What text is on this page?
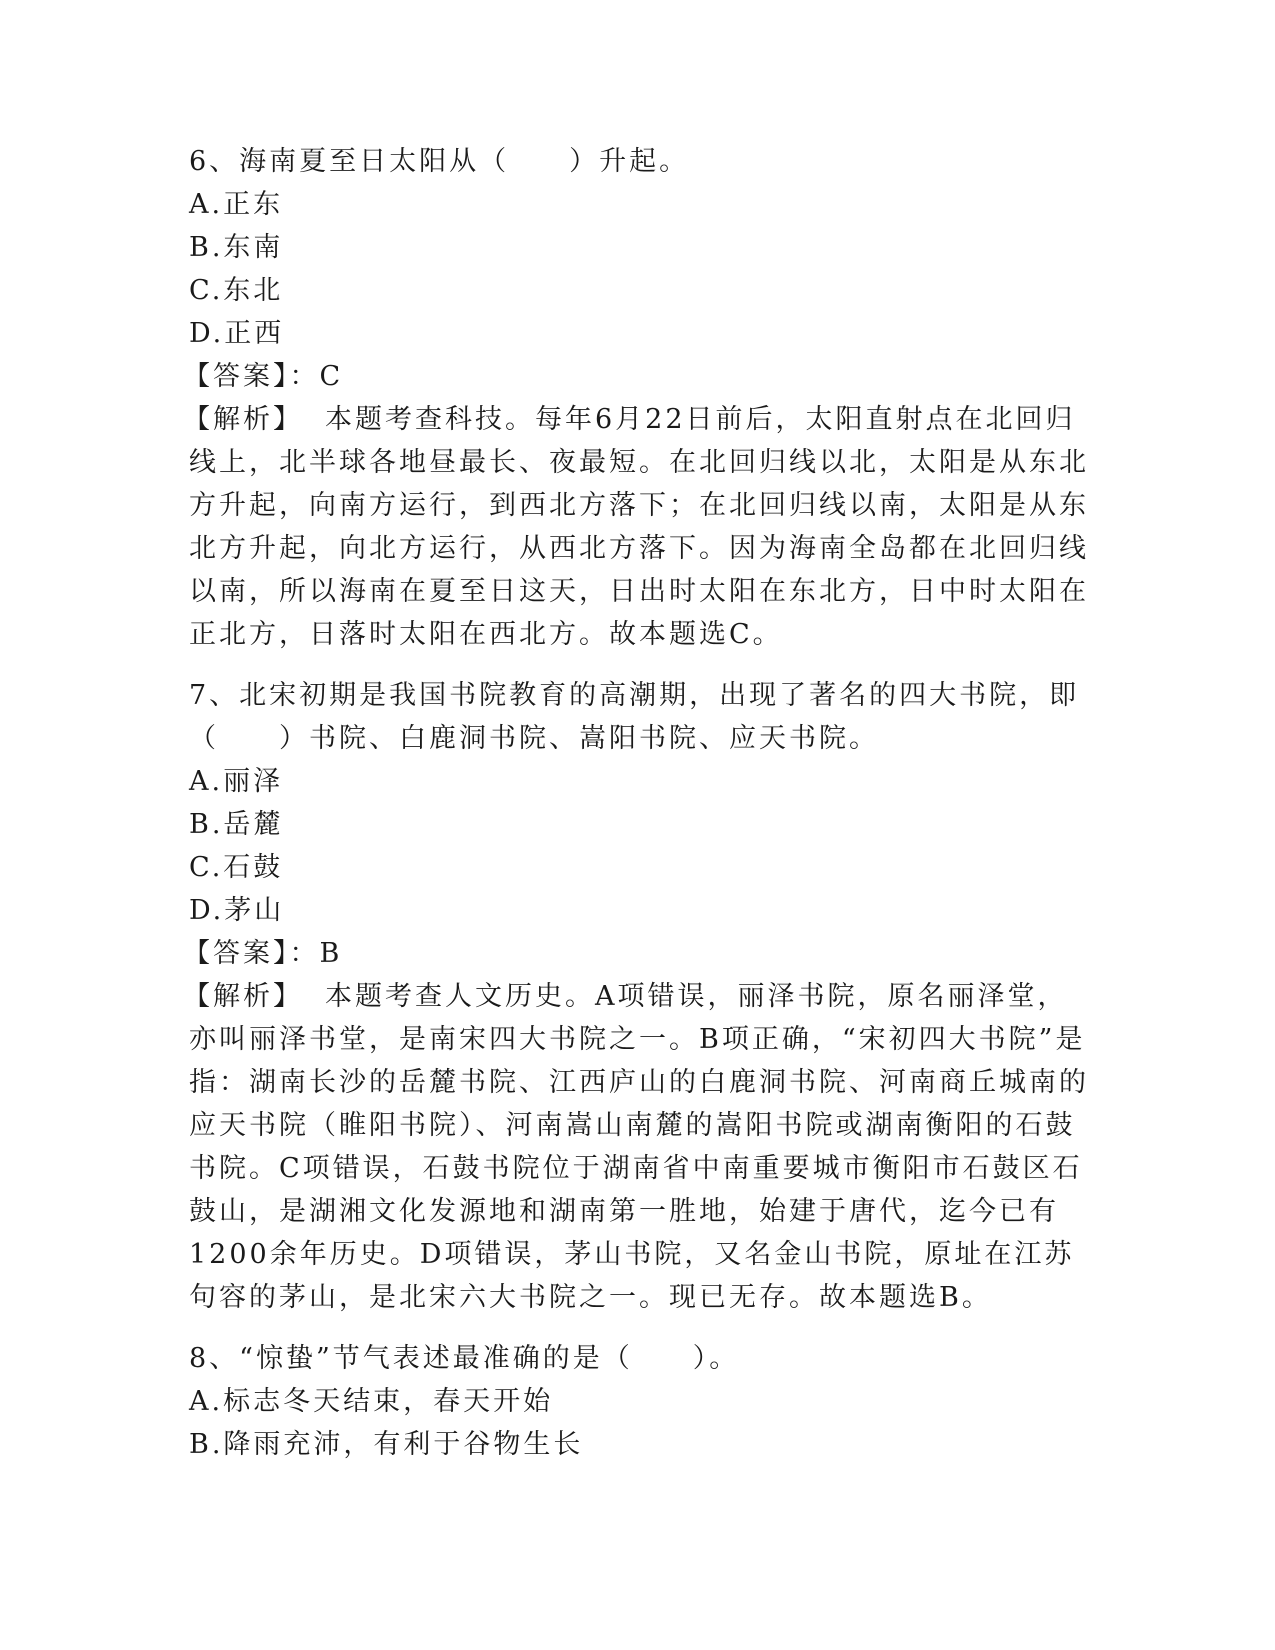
6、海南夏至日太阳从（　　）升起。

A.正东

B.东南

C.东北

D.正西

【答案】：C

【解析】 本题考查科技。每年6月22日前后，太阳直射点在北回归线上，北半球各地昼最长、夜最短。在北回归线以北，太阳是从东北方升起，向南方运行，到西北方落下；在北回归线以南，太阳是从东北方升起，向北方运行，从西北方落下。因为海南全岛都在北回归线以南，所以海南在夏至日这天，日出时太阳在东北方，日中时太阳在正北方，日落时太阳在西北方。故本题选C。

7、北宋初期是我国书院教育的高潮期，出现了著名的四大书院，即（　　）书院、白鹿洞书院、嵩阳书院、应天书院。

A.丽泽

B.岳麓

C.石鼓

D.茅山

【答案】：B

【解析】 本题考查人文历史。A项错误，丽泽书院，原名丽泽堂，亦叫丽泽书堂，是南宋四大书院之一。B项正确，“宋初四大书院”是指：湖南长沙的岳麓书院、江西庐山的白鹿洞书院、河南商丘城南的应天书院（睢阳书院）、河南嵩山南麓的嵩阳书院或湖南衡阳的石鼓书院。C项错误，石鼓书院位于湖南省中南重要城市衡阳市石鼓区石鼓山，是湖湘文化发源地和湖南第一胜地，始建于唐代，迄今已有1200余年历史。D项错误，茅山书院，又名金山书院，原址在江苏句容的茅山，是北宋六大书院之一。现已无存。故本题选B。

8、“惊蛰”节气表述最准确的是（　　）。

A.标志冬天结束，春天开始

B.降雨充沛，有利于谷物生长
